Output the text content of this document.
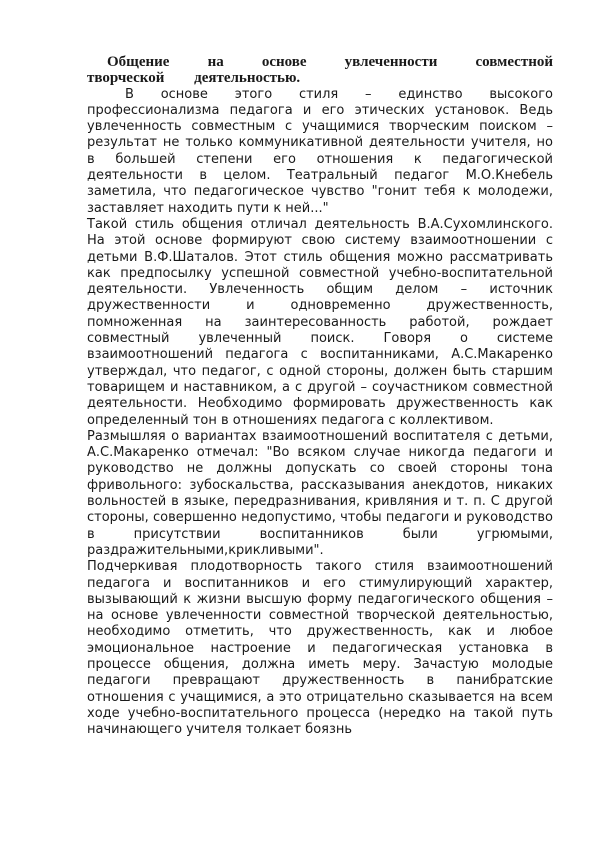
Общение на основе увлеченности совместной творческой деятельностью.

В основе этого стиля – единство высокого профессионализма педагога и его этических установок. Ведь увлеченность совместным с учащимися творческим поиском – результат не только коммуникативной деятельности учителя, но в большей степени его отношения к педагогической деятельности в целом. Театральный педагог М.О.Кнебель заметила, что педагогическое чувство "гонит тебя к молодежи, заставляет находить пути к ней..."

Такой стиль общения отличал деятельность В.А.Сухомлинского. На этой основе формируют свою систему взаимоотношении с детьми В.Ф.Шаталов. Этот стиль общения можно рассматривать как предпосылку успешной совместной учебно-воспитательной деятельности. Увлеченность общим делом – источник дружественности и одновременно дружественность, помноженная на заинтересованность работой, рождает совместный увлеченный поиск. Говоря о системе взаимоотношений педагога с воспитанниками, А.С.Макаренко утверждал, что педагог, с одной стороны, должен быть старшим товарищем и наставником, а с другой – соучастником совместной деятельности. Необходимо формировать дружественность как определенный тон в отношениях педагога с коллективом.

Размышляя о вариантах взаимоотношений воспитателя с детьми, А.С.Макаренко отмечал: "Во всяком случае никогда педагоги и руководство не должны допускать со своей стороны тона фривольного: зубоскальства, рассказывания анекдотов, никаких вольностей в языке, передразнивания, кривляния и т. п. С другой стороны, совершенно недопустимо, чтобы педагоги и руководство в присутствии воспитанников были угрюмыми, раздражительными,крикливыми".

Подчеркивая плодотворность такого стиля взаимоотношений педагога и воспитанников и его стимулирующий характер, вызывающий к жизни высшую форму педагогического общения – на основе увлеченности совместной творческой деятельностью, необходимо отметить, что дружественность, как и любое эмоциональное настроение и педагогическая установка в процессе общения, должна иметь меру. Зачастую молодые педагоги превращают дружественность в панибратские отношения с учащимися, а это отрицательно сказывается на всем ходе учебно-воспитательного процесса (нередко на такой путь начинающего учителя толкает боязнь
